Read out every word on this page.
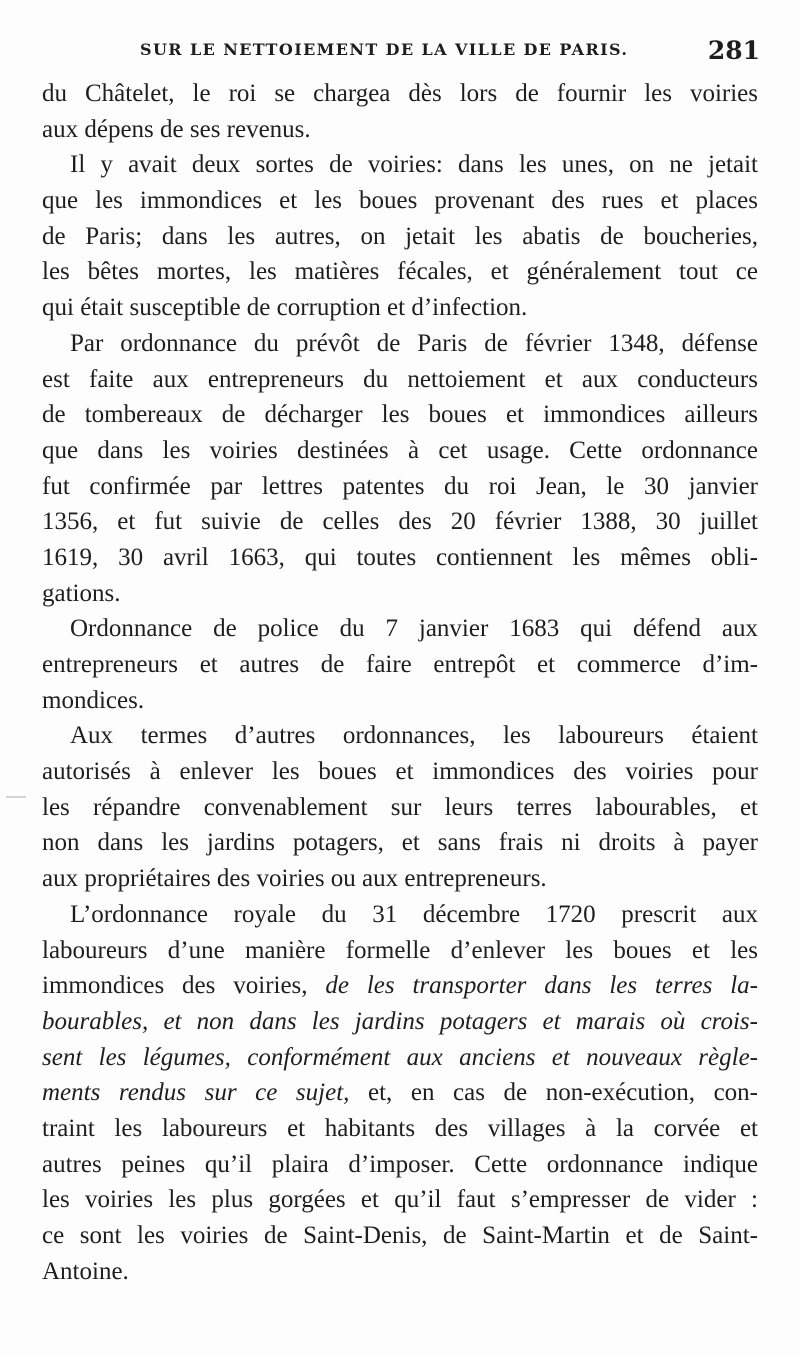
SUR LE NETTOIEMENT DE LA VILLE DE PARIS.	281
du Châtelet, le roi se chargea dès lors de fournir les voiries
aux dépens de ses revenus.
Il y avait deux sortes de voiries: dans les unes, on ne jetait
que les immondices et les boues provenant des rues et places
de Paris; dans les autres, on jetait les abatis de boucheries,
les bêtes mortes, les matières fécales, et généralement tout ce
qui était susceptible de corruption et d’infection.
Par ordonnance du prévôt de Paris de février 1348, défense
est faite aux entrepreneurs du nettoiement et aux conducteurs
de tombereaux de décharger les boues et immondices ailleurs
que dans les voiries destinées à cet usage. Cette ordonnance
fut confirmée par lettres patentes du roi Jean, le 30 janvier
1356, et fut suivie de celles des 20 février 1388, 30 juillet
1619, 30 avril 1663, qui toutes contiennent les mêmes obli-
gations.
Ordonnance de police du 7 janvier 1683 qui défend aux
entrepreneurs et autres de faire entrepôt et commerce d’im-
mondices.
Aux termes d’autres ordonnances, les laboureurs étaient
autorisés à enlever les boues et immondices des voiries pour
les répandre convenablement sur leurs terres labourables, et
non dans les jardins potagers, et sans frais ni droits à payer
aux propriétaires des voiries ou aux entrepreneurs.
L’ordonnance royale du 31 décembre 1720 prescrit aux
laboureurs d’une manière formelle d’enlever les boues et les
immondices des voiries, de les transporter dans les terres la-
bourables, et non dans les jardins potagers et marais où crois-
sent les légumes, conformément aux anciens et nouveaux règle-
ments rendus sur ce sujet, et, en cas de non-exécution, con-
traint les laboureurs et habitants des villages à la corvée et
autres peines qu’il plaira d’imposer. Cette ordonnance indique
les voiries les plus gorgées et qu’il faut s’empresser de vider :
ce sont les voiries de Saint-Denis, de Saint-Martin et de Saint-
Antoine.
